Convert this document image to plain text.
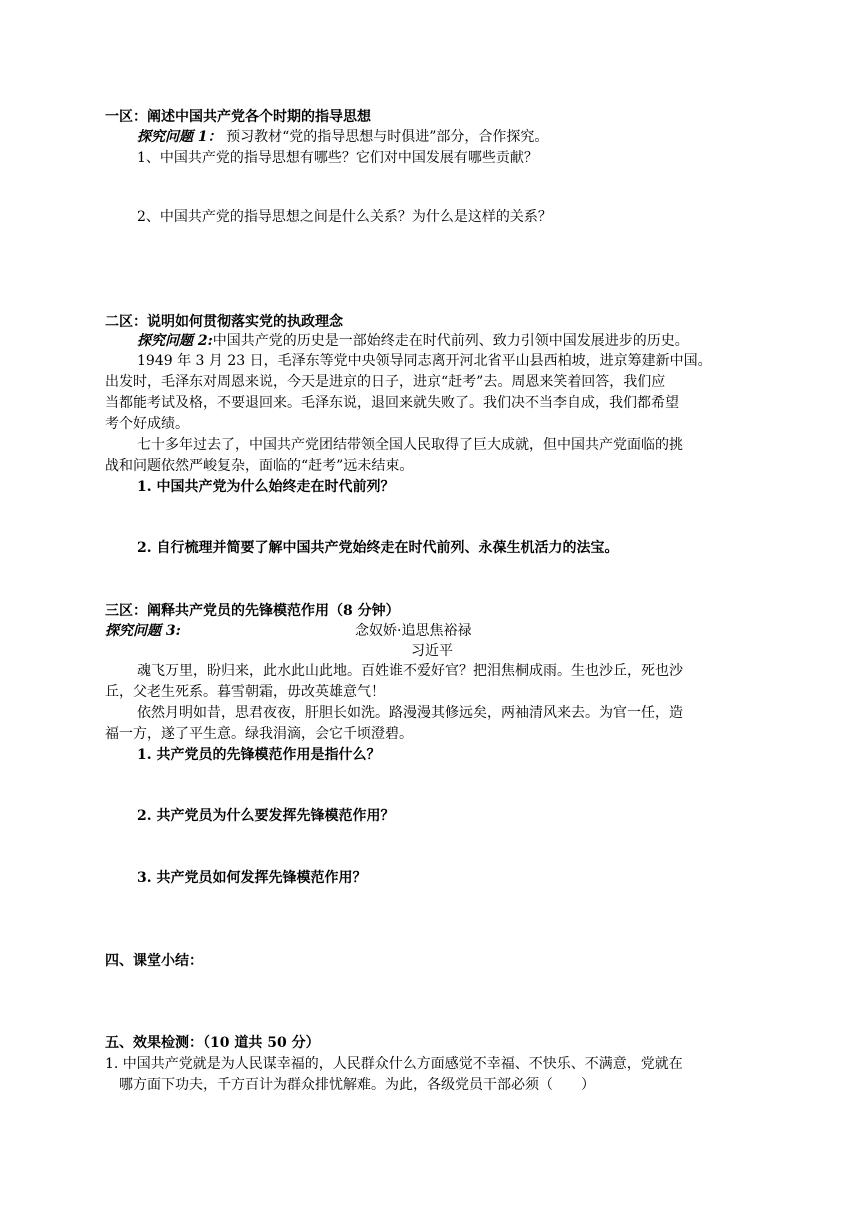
一区：阐述中国共产党各个时期的指导思想
探究问题 1： 预习教材“党的指导思想与时俱进”部分，合作探究。
1、中国共产党的指导思想有哪些？它们对中国发展有哪些贡献？
2、中国共产党的指导思想之间是什么关系？为什么是这样的关系？
二区：说明如何贯彻落实党的执政理念
探究问题 2:中国共产党的历史是一部始终走在时代前列、致力引领中国发展进步的历史。
1949 年 3 月 23 日，毛泽东等党中央领导同志离开河北省平山县西柏坡，进京筹建新中国。
出发时，毛泽东对周恩来说，今天是进京的日子，进京“赶考”去。周恩来笑着回答，我们应
当都能考试及格，不要退回来。毛泽东说，退回来就失败了。我们决不当李自成，我们都希望
考个好成绩。
七十多年过去了，中国共产党团结带领全国人民取得了巨大成就，但中国共产党面临的挑
战和问题依然严峻复杂，面临的“赶考”远未结束。
1. 中国共产党为什么始终走在时代前列？
2. 自行梳理并简要了解中国共产党始终走在时代前列、永葆生机活力的法宝。
三区：阐释共产党员的先锋模范作用（8 分钟）
探究问题 3:	念奴娇·追思焦裕禄
习近平
魂飞万里，盼归来，此水此山此地。百姓谁不爱好官？把泪焦桐成雨。生也沙丘，死也沙
丘，父老生死系。暮雪朝霜，毋改英雄意气！
依然月明如昔，思君夜夜，肝胆长如洗。路漫漫其修远矣，两袖清风来去。为官一任，造
福一方，遂了平生意。绿我涓滴，会它千顷澄碧。
1. 共产党员的先锋模范作用是指什么？
2. 共产党员为什么要发挥先锋模范作用？
3. 共产党员如何发挥先锋模范作用？
四、课堂小结：
五、效果检测：（10 道共 50 分）
1. 中国共产党就是为人民谋幸福的，人民群众什么方面感觉不幸福、不快乐、不满意，党就在
哪方面下功夫，千方百计为群众排忧解难。为此，各级党员干部必须（　　）
